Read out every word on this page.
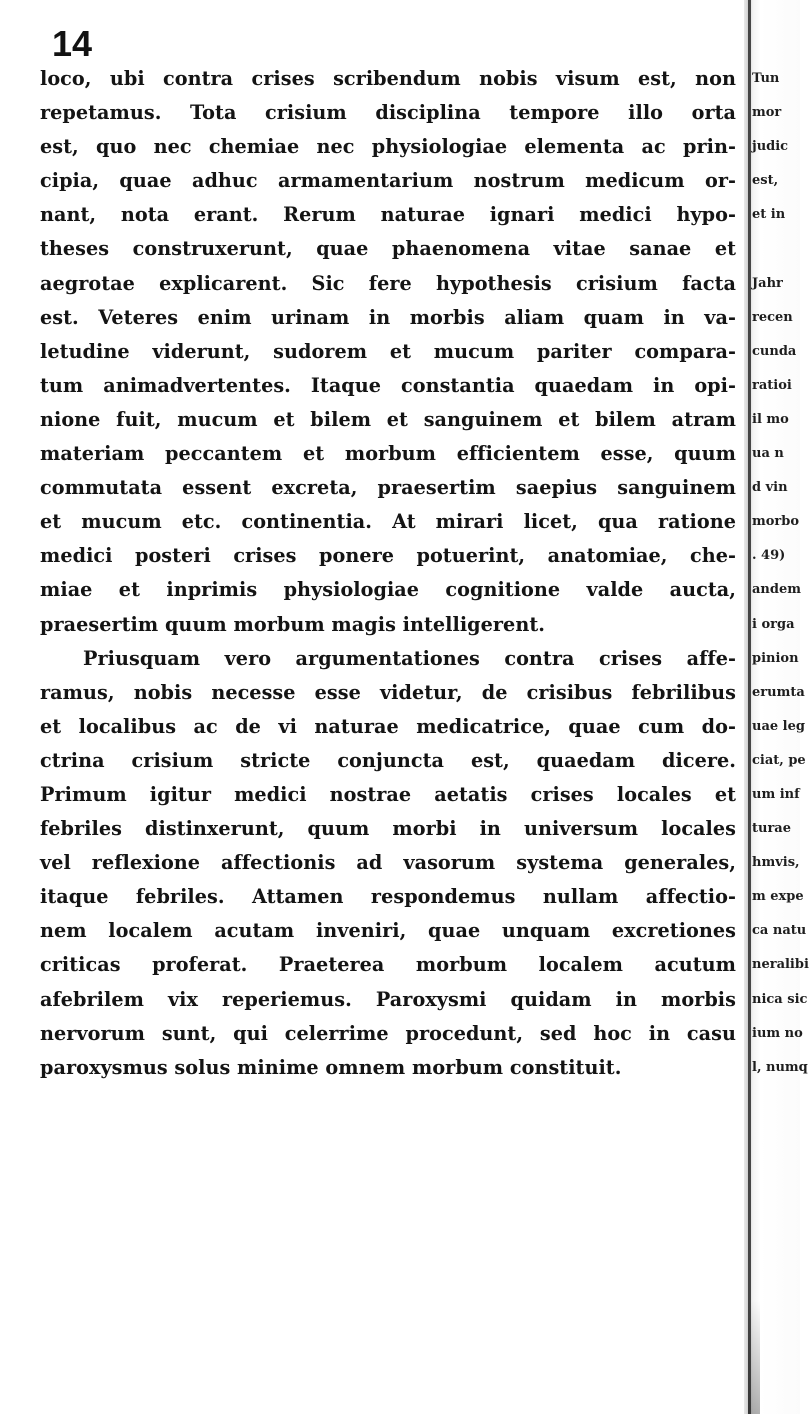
14
loco, ubi contra crises scribendum nobis visum est, non
repetamus. Tota crisium disciplina tempore illo orta
est, quo nec chemiae nec physiologiae elementa ac prin-
cipia, quae adhuc armamentarium nostrum medicum or-
nant, nota erant. Rerum naturae ignari medici hypo-
theses construxerunt, quae phaenomena vitae sanae et
aegrotae explicarent. Sic fere hypothesis crisium facta
est. Veteres enim urinam in morbis aliam quam in va-
letudine viderunt, sudorem et mucum pariter compara-
tum animadvertentes. Itaque constantia quaedam in opi-
nione fuit, mucum et bilem et sanguinem et bilem atram
materiam peccantem et morbum efficientem esse, quum
commutata essent excreta, praesertim saepius sanguinem
et mucum etc. continentia. At mirari licet, qua ratione
medici posteri crises ponere potuerint, anatomiae, che-
miae et inprimis physiologiae cognitione valde aucta,
praesertim quum morbum magis intelligerent.
Priusquam vero argumentationes contra crises affe-
ramus, nobis necesse esse videtur, de crisibus febrilibus
et localibus ac de vi naturae medicatrice, quae cum do-
ctrina crisium stricte conjuncta est, quaedam dicere.
Primum igitur medici nostrae aetatis crises locales et
febriles distinxerunt, quum morbi in universum locales
vel reflexione affectionis ad vasorum systema generales,
itaque febriles. Attamen respondemus nullam affectio-
nem localem acutam inveniri, quae unquam excretiones
criticas proferat. Praeterea morbum localem acutum
afebrilem vix reperiemus. Paroxysmi quidam in morbis
nervorum sunt, qui celerrime procedunt, sed hoc in casu
paroxysmus solus minime omnem morbum constituit.
Tun
mor
judic
est,
et in
Jahr
recen
cunda
ratioi
il mo
ua n
d vin
morbo
. 49)
andem
i orga
pinion
erumta
uae leg
ciat, pe
um inf
turae
hmvis,
m expe
ca natu
neralibi
nica sic
ium no
l, numq
